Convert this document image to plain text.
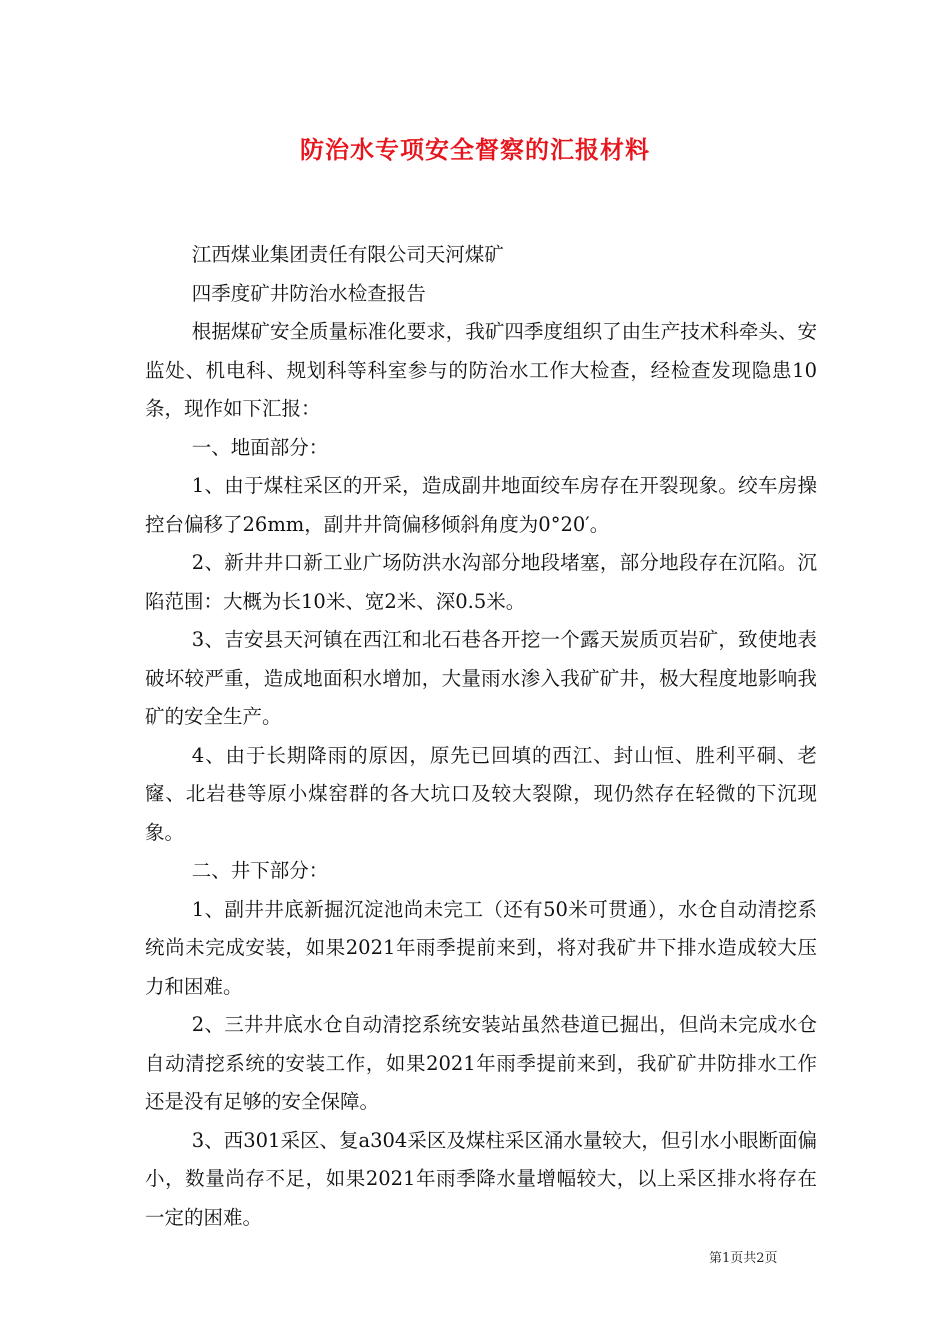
防治水专项安全督察的汇报材料

江西煤业集团责任有限公司天河煤矿

四季度矿井防治水检查报告

根据煤矿安全质量标准化要求，我矿四季度组织了由生产技术科牵头、安监处、机电科、规划科等科室参与的防治水工作大检查，经检查发现隐患10条，现作如下汇报：

一、地面部分：

1、由于煤柱采区的开采，造成副井地面绞车房存在开裂现象。绞车房操控台偏移了26mm，副井井筒偏移倾斜角度为0°20′。

2、新井井口新工业广场防洪水沟部分地段堵塞，部分地段存在沉陷。沉陷范围：大概为长10米、宽2米、深0.5米。

3、吉安县天河镇在西江和北石巷各开挖一个露天炭质页岩矿，致使地表破坏较严重，造成地面积水增加，大量雨水渗入我矿矿井，极大程度地影响我矿的安全生产。

4、由于长期降雨的原因，原先已回填的西江、封山恒、胜利平硐、老窿、北岩巷等原小煤窑群的各大坑口及较大裂隙，现仍然存在轻微的下沉现象。

二、井下部分：

1、副井井底新掘沉淀池尚未完工（还有50米可贯通），水仓自动清挖系统尚未完成安装，如果2021年雨季提前来到，将对我矿井下排水造成较大压力和困难。

2、三井井底水仓自动清挖系统安装站虽然巷道已掘出，但尚未完成水仓自动清挖系统的安装工作，如果2021年雨季提前来到，我矿矿井防排水工作还是没有足够的安全保障。

3、西301采区、复a304采区及煤柱采区涌水量较大，但引水小眼断面偏小，数量尚存不足，如果2021年雨季降水量增幅较大，以上采区排水将存在一定的困难。

第1页共2页
